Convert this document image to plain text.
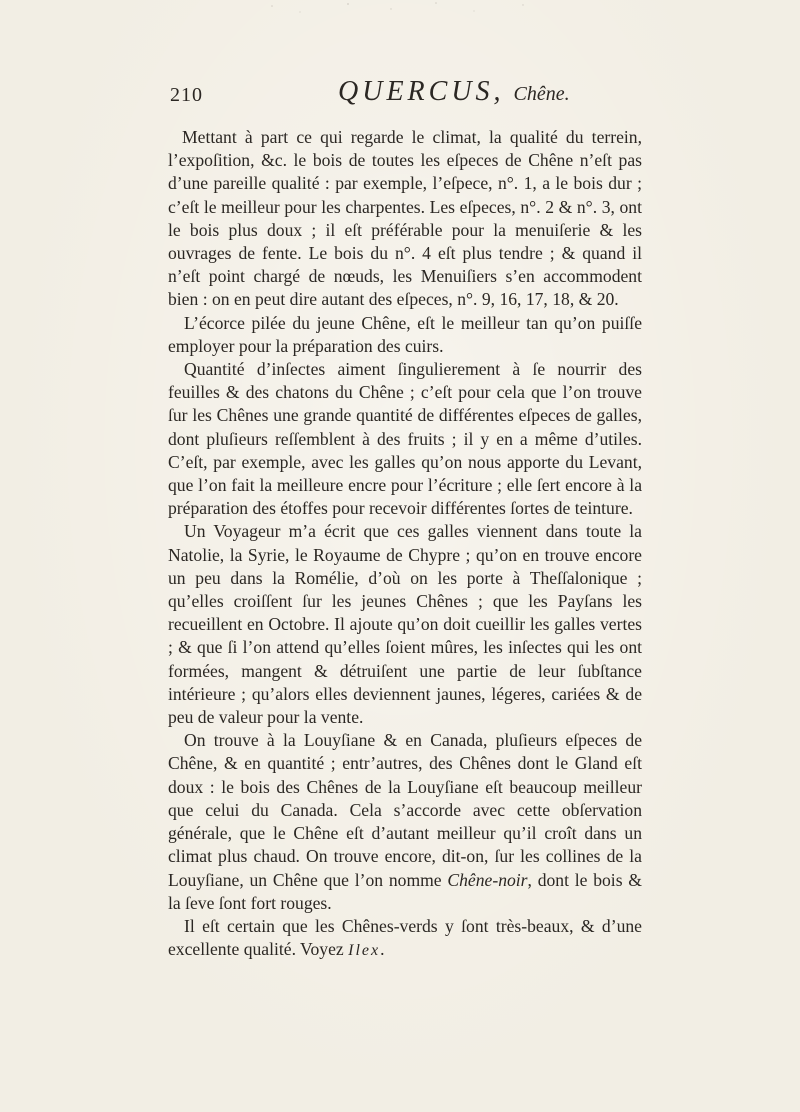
210	QUERCUS, Chêne.

Mettant à part ce qui regarde le climat, la qualité du terrein, l’expoſition, &c. le bois de toutes les eſpeces de Chêne n’eſt pas d’une pareille qualité : par exemple, l’eſpece, n°. 1, a le bois dur ; c’eſt le meilleur pour les charpentes. Les eſpeces, n°. 2 & n°. 3, ont le bois plus doux ; il eſt préférable pour la menuiſerie & les ouvrages de fente. Le bois du n°. 4 eſt plus tendre ; & quand il n’eſt point chargé de nœuds, les Menuiſiers s’en accommodent bien : on en peut dire autant des eſpeces, n°. 9, 16, 17, 18, & 20.

L’écorce pilée du jeune Chêne, eſt le meilleur tan qu’on puiſſe employer pour la préparation des cuirs.

Quantité d’inſectes aiment ſingulierement à ſe nourrir des feuilles & des chatons du Chêne ; c’eſt pour cela que l’on trouve ſur les Chênes une grande quantité de différentes eſpeces de galles, dont pluſieurs reſſemblent à des fruits ; il y en a même d’utiles. C’eſt, par exemple, avec les galles qu’on nous apporte du Levant, que l’on fait la meilleure encre pour l’écriture ; elle ſert encore à la préparation des étoffes pour recevoir différentes ſortes de teinture.

Un Voyageur m’a écrit que ces galles viennent dans toute la Natolie, la Syrie, le Royaume de Chypre ; qu’on en trouve encore un peu dans la Romélie, d’où on les porte à Theſſalonique ; qu’elles croiſſent ſur les jeunes Chênes ; que les Payſans les recueillent en Octobre. Il ajoute qu’on doit cueillir les galles vertes ; & que ſi l’on attend qu’elles ſoient mûres, les inſectes qui les ont formées, mangent & détruiſent une partie de leur ſubſtance intérieure ; qu’alors elles deviennent jaunes, légeres, cariées & de peu de valeur pour la vente.

On trouve à la Louyſiane & en Canada, pluſieurs eſpeces de Chêne, & en quantité ; entr’autres, des Chênes dont le Gland eſt doux : le bois des Chênes de la Louyſiane eſt beaucoup meilleur que celui du Canada. Cela s’accorde avec cette obſervation générale, que le Chêne eſt d’autant meilleur qu’il croît dans un climat plus chaud. On trouve encore, dit-on, ſur les collines de la Louyſiane, un Chêne que l’on nomme Chêne-noir, dont le bois & la ſeve ſont fort rouges.

Il eſt certain que les Chênes-verds y ſont très-beaux, & d’une excellente qualité. Voyez Ilex.
